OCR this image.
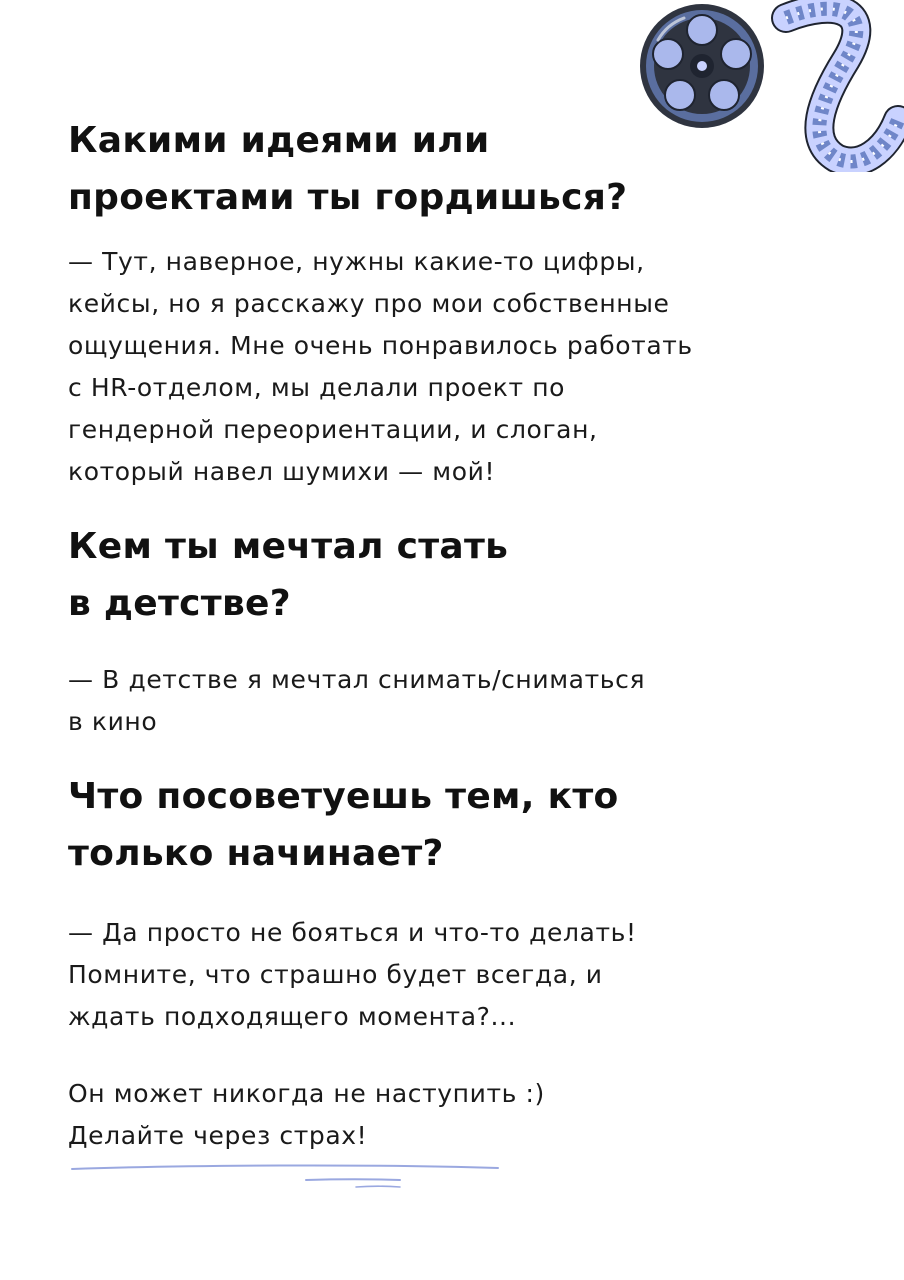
Какими идеями или
проектами ты гордишься?

— Тут, наверное, нужны какие-то цифры,
кейсы, но я расскажу про мои собственные
ощущения. Мне очень понравилось работать
с HR-отделом, мы делали проект по
гендерной переориентации, и слоган,
который навел шумихи — мой!

Кем ты мечтал стать
в детстве?

— В детстве я мечтал снимать/сниматься
в кино

Что посоветуешь тем, кто
только начинает?

— Да просто не бояться и что-то делать!
Помните, что страшно будет всегда, и
ждать подходящего момента?...

Он может никогда не наступить :)
Делайте через страх!
